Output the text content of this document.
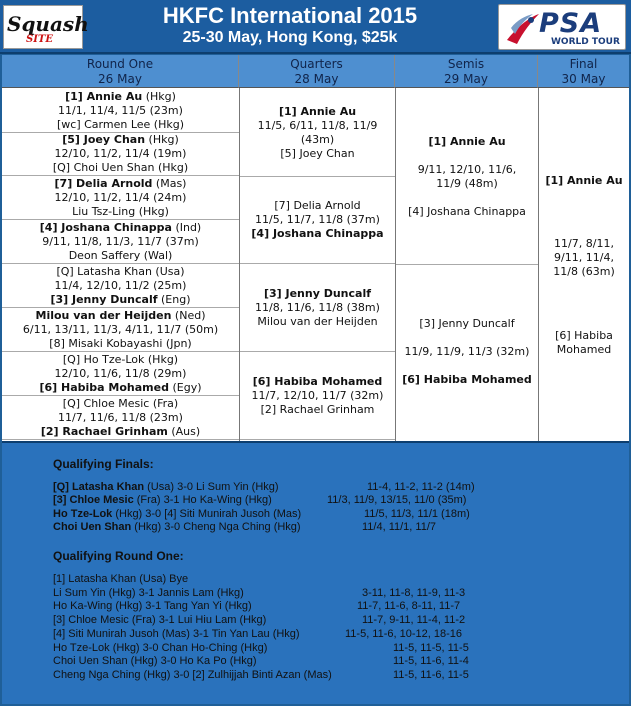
Squash
SITE
HKFC International 2015
25-30 May, Hong Kong, $25k	PSA
WORLD TOUR
Round One
26 May
Quarters
28 May
Semis
29 May
Final
30 May
[1] Annie Au (Hkg)
11/1, 11/4, 11/5 (23m)
[wc] Carmen Lee (Hkg)
[5] Joey Chan (Hkg)
12/10, 11/2, 11/4 (19m)
[Q] Choi Uen Shan (Hkg)
[7] Delia Arnold (Mas)
12/10, 11/2, 11/4 (24m)
Liu Tsz-Ling (Hkg)
[4] Joshana Chinappa (Ind)
9/11, 11/8, 11/3, 11/7 (37m)
Deon Saffery (Wal)
[Q] Latasha Khan (Usa)
11/4, 12/10, 11/2 (25m)
[3] Jenny Duncalf (Eng)
Milou van der Heijden (Ned)
6/11, 13/11, 11/3, 4/11, 11/7 (50m)
[8] Misaki Kobayashi (Jpn)
[Q] Ho Tze-Lok (Hkg)
12/10, 11/6, 11/8 (29m)
[6] Habiba Mohamed (Egy)
[Q] Chloe Mesic (Fra)
11/7, 11/6, 11/8 (23m)
[2] Rachael Grinham (Aus)
[1] Annie Au
11/5, 6/11, 11/8, 11/9
(43m)
[5] Joey Chan
[7] Delia Arnold
11/5, 11/7, 11/8 (37m)
[4] Joshana Chinappa
[3] Jenny Duncalf
11/8, 11/6, 11/8 (38m)
Milou van der Heijden
[6] Habiba Mohamed
11/7, 12/10, 11/7 (32m)
[2] Rachael Grinham
[1] Annie Au
9/11, 12/10, 11/6,
11/9 (48m)
[4] Joshana Chinappa
[3] Jenny Duncalf
11/9, 11/9, 11/3 (32m)
[6] Habiba Mohamed
[1] Annie Au
11/7, 8/11,
9/11, 11/4,
11/8 (63m)
[6] Habiba
Mohamed
Qualifying Finals:
[Q] Latasha Khan (Usa) 3-0 Li Sum Yin (Hkg)	11-4, 11-2, 11-2 (14m)
[3] Chloe Mesic (Fra) 3-1 Ho Ka-Wing (Hkg)	11/3, 11/9, 13/15, 11/0 (35m)
Ho Tze-Lok (Hkg) 3-0 [4] Siti Munirah Jusoh (Mas)	11/5, 11/3, 11/1 (18m)
Choi Uen Shan (Hkg) 3-0 Cheng Nga Ching (Hkg)	11/4, 11/1, 11/7
Qualifying Round One:
[1] Latasha Khan (Usa) Bye
Li Sum Yin (Hkg) 3-1 Jannis Lam (Hkg)	3-11, 11-8, 11-9, 11-3
Ho Ka-Wing (Hkg) 3-1 Tang Yan Yi (Hkg)	11-7, 11-6, 8-11, 11-7
[3] Chloe Mesic (Fra) 3-1 Lui Hiu Lam (Hkg)	11-7, 9-11, 11-4, 11-2
[4] Siti Munirah Jusoh (Mas) 3-1 Tin Yan Lau (Hkg)	11-5, 11-6, 10-12, 18-16
Ho Tze-Lok (Hkg) 3-0 Chan Ho-Ching (Hkg)	11-5, 11-5, 11-5
Choi Uen Shan (Hkg) 3-0 Ho Ka Po (Hkg)	11-5, 11-6, 11-4
Cheng Nga Ching (Hkg) 3-0 [2] Zulhijjah Binti Azan (Mas)	11-5, 11-6, 11-5
